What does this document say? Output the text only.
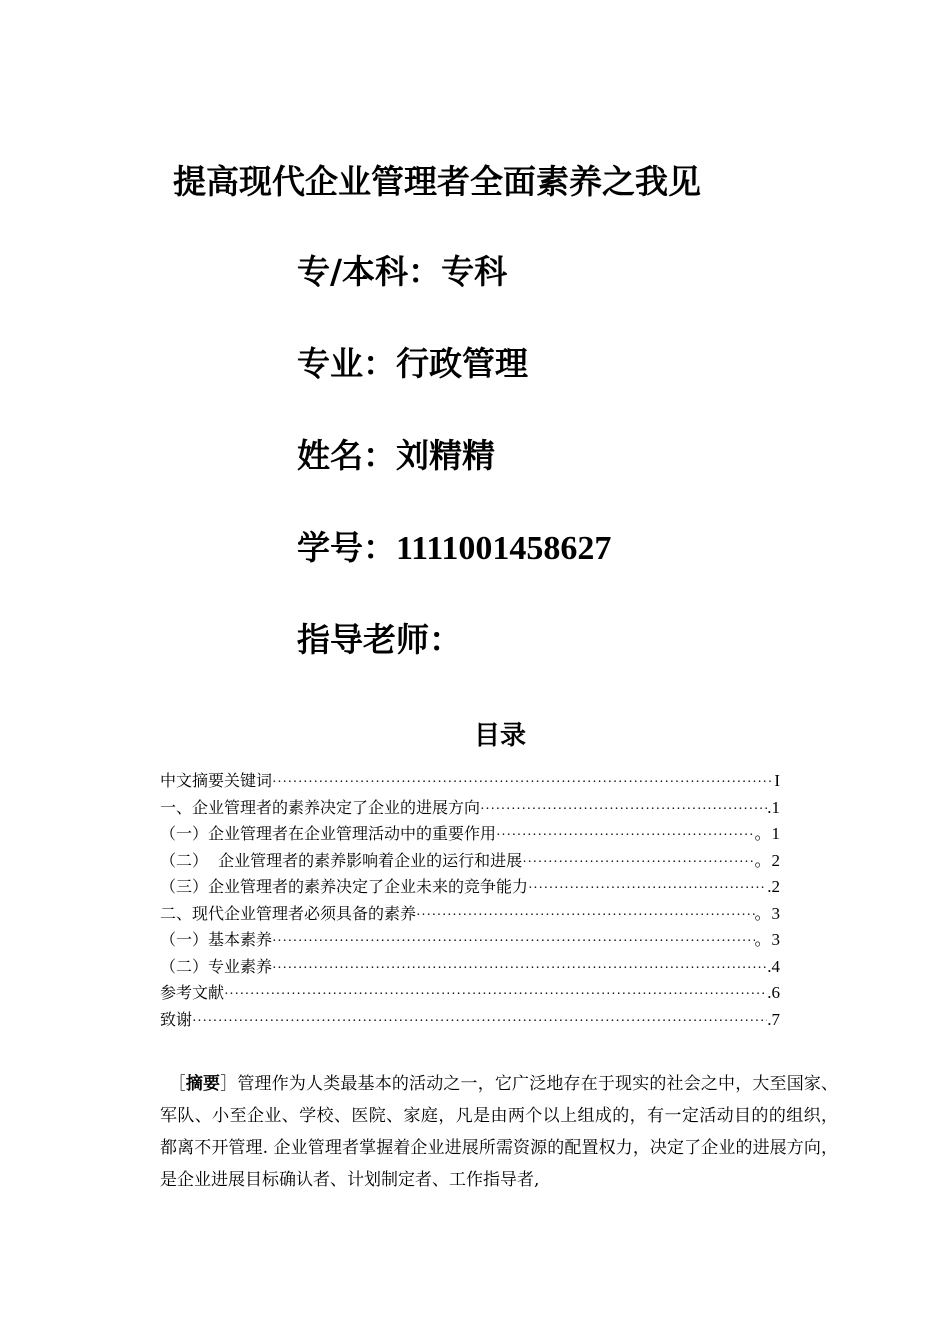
提高现代企业管理者全面素养之我见
专/本科：专科
专业：行政管理
姓名：刘精精
学号：1111001458627
指导老师：
目录
中文摘要关键词 ·····	I
一、企业管理者的素养决定了企业的进展方向 ·····	.1
（一）企业管理者在企业管理活动中的重要作用 ·····	。1
（二）  企业管理者的素养影响着企业的运行和进展 ·····	。2
（三）企业管理者的素养决定了企业未来的竞争能力 ·····	.2
二、现代企业管理者必须具备的素养 ·····	。3
（一）基本素养 ·····	。3
（二）专业素养 ·····	.4
参考文献 ·····	.6
致谢 ·····	.7
　［摘要］管理作为人类最基本的活动之一，它广泛地存在于现实的社会之中，大至国家、军队、小至企业、学校、医院、家庭，凡是由两个以上组成的，有一定活动目的的组织，都离不开管理. 企业管理者掌握着企业进展所需资源的配置权力，决定了企业的进展方向，是企业进展目标确认者、计划制定者、工作指导者,
